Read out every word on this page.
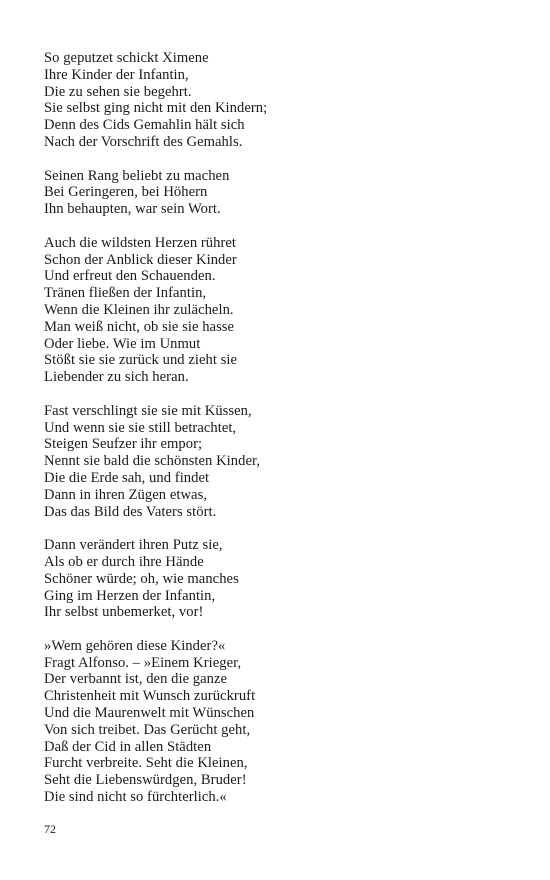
So geputzet schickt Ximene
Ihre Kinder der Infantin,
Die zu sehen sie begehrt.
Sie selbst ging nicht mit den Kindern;
Denn des Cids Gemahlin hält sich
Nach der Vorschrift des Gemahls.
Seinen Rang beliebt zu machen
Bei Geringeren, bei Höhern
Ihn behaupten, war sein Wort.
Auch die wildsten Herzen rühret
Schon der Anblick dieser Kinder
Und erfreut den Schauenden.
Tränen fließen der Infantin,
Wenn die Kleinen ihr zulächeln.
Man weiß nicht, ob sie sie hasse
Oder liebe. Wie im Unmut
Stößt sie sie zurück und zieht sie
Liebender zu sich heran.
Fast verschlingt sie sie mit Küssen,
Und wenn sie sie still betrachtet,
Steigen Seufzer ihr empor;
Nennt sie bald die schönsten Kinder,
Die die Erde sah, und findet
Dann in ihren Zügen etwas,
Das das Bild des Vaters stört.
Dann verändert ihren Putz sie,
Als ob er durch ihre Hände
Schöner würde; oh, wie manches
Ging im Herzen der Infantin,
Ihr selbst unbemerket, vor!
»Wem gehören diese Kinder?«
Fragt Alfonso. – »Einem Krieger,
Der verbannt ist, den die ganze
Christenheit mit Wunsch zurückruft
Und die Maurenwelt mit Wünschen
Von sich treibet. Das Gerücht geht,
Daß der Cid in allen Städten
Furcht verbreite. Seht die Kleinen,
Seht die Liebenswürdgen, Bruder!
Die sind nicht so fürchterlich.«
72
